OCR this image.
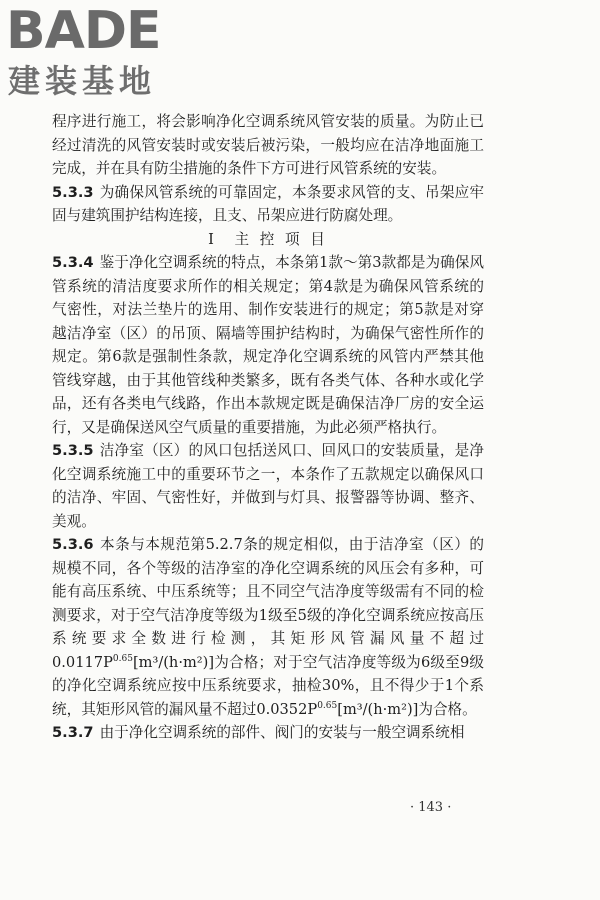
BADE
建装基地

程序进行施工，将会影响净化空调系统风管安装的质量。为防止已经过清洗的风管安装时或安装后被污染，一般均应在洁净地面施工完成，并在具有防尘措施的条件下方可进行风管系统的安装。

5.3.3 为确保风管系统的可靠固定，本条要求风管的支、吊架应牢固与建筑围护结构连接，且支、吊架应进行防腐处理。

Ⅰ　主 控 项 目

5.3.4 鉴于净化空调系统的特点，本条第1款～第3款都是为确保风管系统的清洁度要求所作的相关规定；第4款是为确保风管系统的气密性，对法兰垫片的选用、制作安装进行的规定；第5款是对穿越洁净室（区）的吊顶、隔墙等围护结构时，为确保气密性所作的规定。第6款是强制性条款，规定净化空调系统的风管内严禁其他管线穿越，由于其他管线种类繁多，既有各类气体、各种水或化学品，还有各类电气线路，作出本款规定既是确保洁净厂房的安全运行，又是确保送风空气质量的重要措施，为此必须严格执行。

5.3.5 洁净室（区）的风口包括送风口、回风口的安装质量，是净化空调系统施工中的重要环节之一，本条作了五款规定以确保风口的洁净、牢固、气密性好，并做到与灯具、报警器等协调、整齐、美观。

5.3.6 本条与本规范第5.2.7条的规定相似，由于洁净室（区）的规模不同，各个等级的洁净室的净化空调系统的风压会有多种，可能有高压系统、中压系统等；且不同空气洁净度等级需有不同的检测要求，对于空气洁净度等级为1级至5级的净化空调系统应按高压系统要求全数进行检测，其矩形风管漏风量不超过$0.0117P^{0.65}[m^3/(h\cdot m^2)]$为合格；对于空气洁净度等级为6级至9级的净化空调系统应按中压系统要求，抽检30%，且不得少于1个系统，其矩形风管的漏风量不超过$0.0352P^{0.65}[m^3/(h\cdot m^2)]$为合格。

5.3.7 由于净化空调系统的部件、阀门的安装与一般空调系统相

· 143 ·
